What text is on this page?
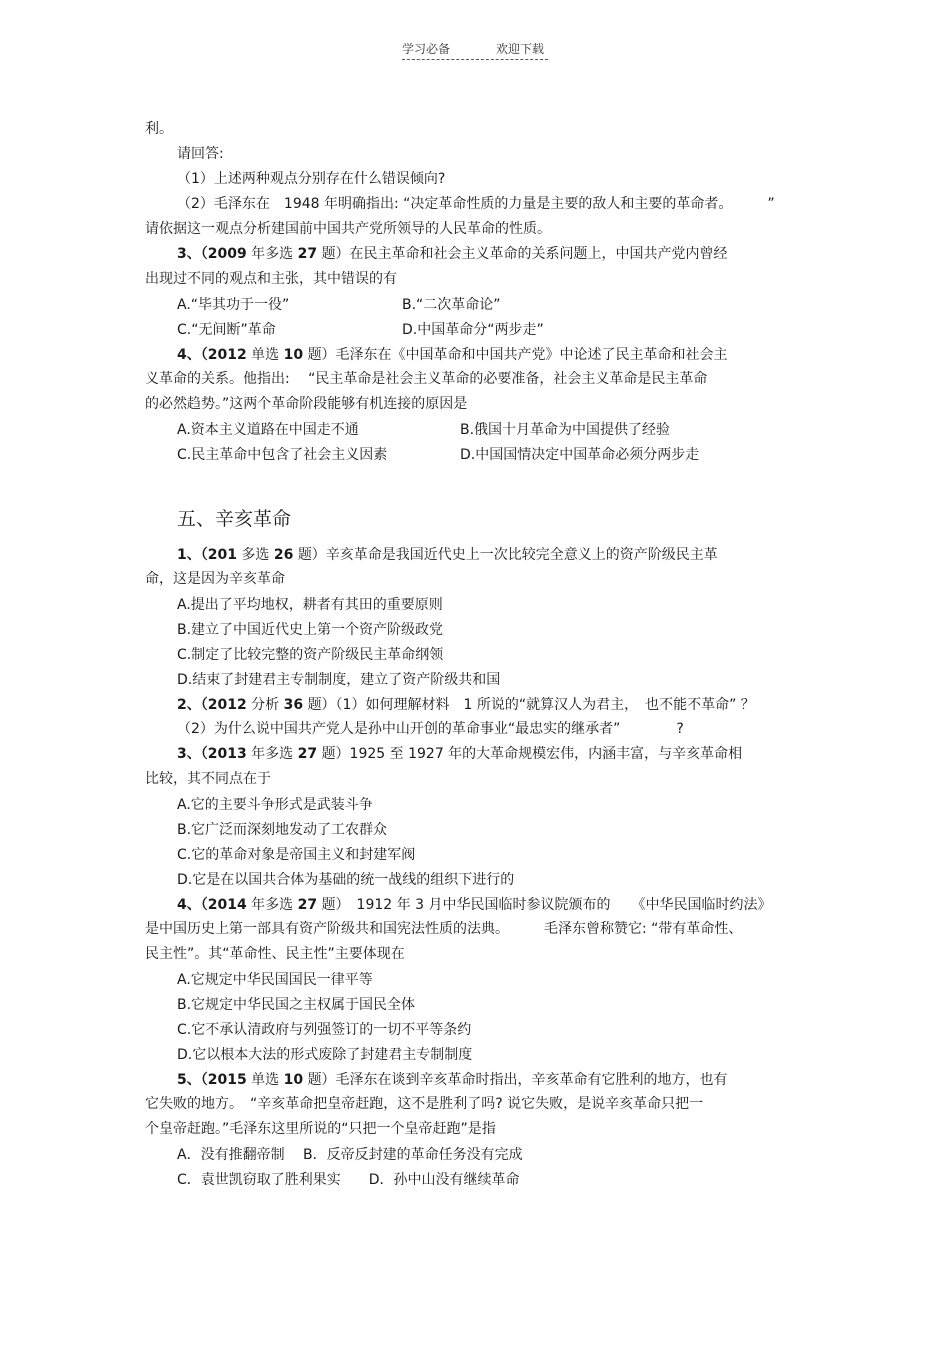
学习必备	欢迎下载
利。
请回答:
（1）上述两种观点分别存在什么错误倾向?
（2）毛泽东在　1948 年明确指出: “决定革命性质的力量是主要的敌人和主要的革命者。　　　”
请依据这一观点分析建国前中国共产党所领导的人民革命的性质。
3、（2009 年多选 27 题）在民主革命和社会主义革命的关系问题上，中国共产党内曾经
出现过不同的观点和主张，其中错误的有
A.“毕其功于一役”	B.“二次革命论”
C.“无间断”革命	D.中国革命分“两步走”
4、（2012 单选 10 题）毛泽东在《中国革命和中国共产党》中论述了民主革命和社会主
义革命的关系。他指出: 　“民主革命是社会主义革命的必要准备，社会主义革命是民主革命
的必然趋势。”这两个革命阶段能够有机连接的原因是
A.资本主义道路在中国走不通	B.俄国十月革命为中国提供了经验
C.民主革命中包含了社会主义因素	D.中国国情决定中国革命必须分两步走
五、辛亥革命
1、（201 多选 26 题）辛亥革命是我国近代史上一次比较完全意义上的资产阶级民主革
命，这是因为辛亥革命
A.提出了平均地权，耕者有其田的重要原则
B.建立了中国近代史上第一个资产阶级政党
C.制定了比较完整的资产阶级民主革命纲领
D.结束了封建君主专制制度，建立了资产阶级共和国
2、（2012 分析 36 题）（1）如何理解材料　1 所说的“就算汉人为君主，　也不能不革命” ？
（2）为什么说中国共产党人是孙中山开创的革命事业“最忠实的继承者”　　　　?
3、（2013 年多选 27 题）1925 至 1927 年的大革命规模宏伟，内涵丰富，与辛亥革命相
比较，其不同点在于
A.它的主要斗争形式是武装斗争
B.它广泛而深刻地发动了工农群众
C.它的革命对象是帝国主义和封建军阀
D.它是在以国共合体为基础的统一战线的组织下进行的
4、（2014 年多选 27 题）　1912 年 3 月中华民国临时参议院颁布的　　《中华民国临时约法》
是中国历史上第一部具有资产阶级共和国宪法性质的法典。　　　毛泽东曾称赞它: “带有革命性、
民主性”。其“革命性、民主性”主要体现在
A.它规定中华民国国民一律平等
B.它规定中华民国之主权属于国民全体
C.它不承认清政府与列强签订的一切不平等条约
D.它以根本大法的形式废除了封建君主专制制度
5、（2015 单选 10 题）毛泽东在谈到辛亥革命时指出，辛亥革命有它胜利的地方，也有
它失败的地方。　“辛亥革命把皇帝赶跑，这不是胜利了吗? 说它失败，是说辛亥革命只把一
个皇帝赶跑。”毛泽东这里所说的“只把一个皇帝赶跑”是指
A．没有推翻帝制　 B．反帝反封建的革命任务没有完成
C．袁世凯窃取了胜利果实　　D．孙中山没有继续革命
